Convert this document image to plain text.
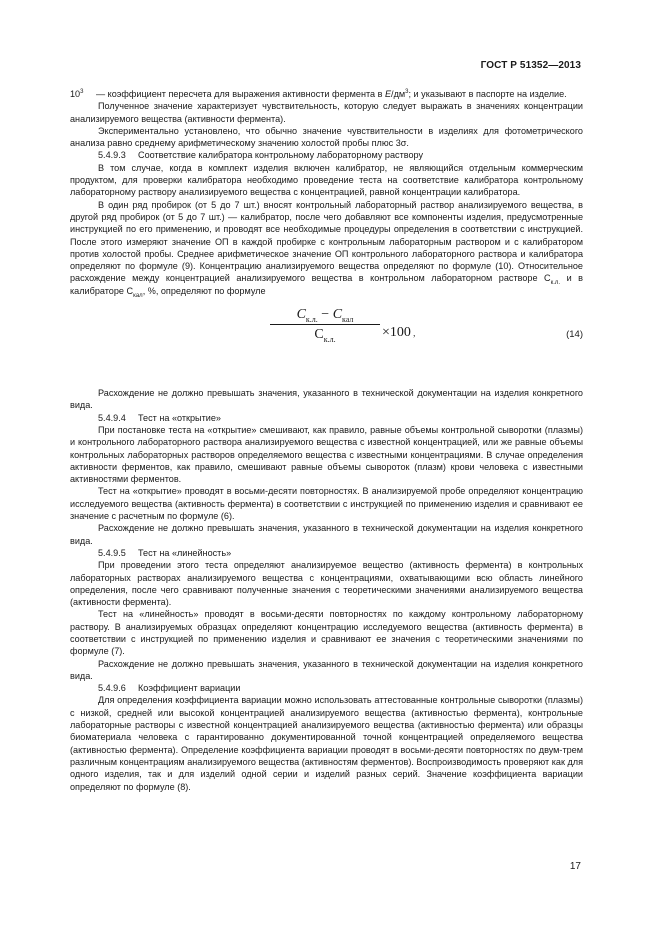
ГОСТ Р 51352—2013
$10^3$	— коэффициент пересчета для выражения активности фермента в $Е/дм^3$; и указывают в паспорте на изделие.

Полученное значение характеризует чувствительность, которую следует выражать в значениях концентрации анализируемого вещества (активности фермента).

Экспериментально установлено, что обычно значение чувствительности в изделиях для фотометрического анализа равно среднему арифметическому значению холостой пробы плюс 3σ.

5.4.9.3 Соответствие калибратора контрольному лабораторному раствору

В том случае, когда в комплект изделия включен калибратор, не являющийся отдельным коммерческим продуктом, для проверки калибратора необходимо проведение теста на соответствие калибратора контрольному лабораторному раствору анализируемого вещества с концентрацией, равной концентрации калибратора.

В один ряд пробирок (от 5 до 7 шт.) вносят контрольный лабораторный раствор анализируемого вещества, в другой ряд пробирок (от 5 до 7 шт.) — калибратор, после чего добавляют все компоненты изделия, предусмотренные инструкцией по его применению, и проводят все необходимые процедуры определения в соответствии с инструкцией. После этого измеряют значение ОП в каждой пробирке с контрольным лабораторным раствором и с калибратором против холостой пробы. Среднее арифметическое значение ОП контрольного лабораторного раствора и калибратора определяют по формуле (9). Концентрацию анализируемого вещества определяют по формуле (10). Относительное расхождение между концентрацией анализируемого вещества в контрольном лабораторном растворе $С_{к.л.}$ и в калибраторе $С_{кал}$, %, определяют по формуле

$C_{к.л.} - C_{кал}$
$С_{к.л.}$	×100 ,	(14)

Расхождение не должно превышать значения, указанного в технической документации на изделия конкретного вида.

5.4.9.4 Тест на «открытие»

При постановке теста на «открытие» смешивают, как правило, равные объемы контрольной сыворотки (плазмы) и контрольного лабораторного раствора анализируемого вещества с известной концентрацией, или же равные объемы контрольных лабораторных растворов определяемого вещества с известными концентрациями. В случае определения активности ферментов, как правило, смешивают равные объемы сывороток (плазм) крови человека с известными активностями ферментов.

Тест на «открытие» проводят в восьми-десяти повторностях. В анализируемой пробе определяют концентрацию исследуемого вещества (активность фермента) в соответствии с инструкцией по применению изделия и сравнивают ее значение с расчетным по формуле (6).

Расхождение не должно превышать значения, указанного в технической документации на изделия конкретного вида.

5.4.9.5 Тест на «линейность»

При проведении этого теста определяют анализируемое вещество (активность фермента) в контрольных лабораторных растворах анализируемого вещества с концентрациями, охватывающими всю область линейного определения, после чего сравнивают полученные значения с теоретическими значениями анализируемого вещества (активности фермента).

Тест на «линейность» проводят в восьми-десяти повторностях по каждому контрольному лабораторному раствору. В анализируемых образцах определяют концентрацию исследуемого вещества (активность фермента) в соответствии с инструкцией по применению изделия и сравнивают ее значения с теоретическими значениями по формуле (7).

Расхождение не должно превышать значения, указанного в технической документации на изделия конкретного вида.

5.4.9.6 Коэффициент вариации

Для определения коэффициента вариации можно использовать аттестованные контрольные сыворотки (плазмы) с низкой, средней или высокой концентрацией анализируемого вещества (активностью фермента), контрольные лабораторные растворы с известной концентрацией анализируемого вещества (активностью фермента) или образцы биоматериала человека с гарантированно документированной точной концентрацией определяемого вещества (активностью фермента). Определение коэффициента вариации проводят в восьми-десяти повторностях по двум-трем различным концентрациям анализируемого вещества (активностям ферментов). Воспроизводимость проверяют как для одного изделия, так и для изделий одной серии и изделий разных серий. Значение коэффициента вариации определяют по формуле (8).

17
